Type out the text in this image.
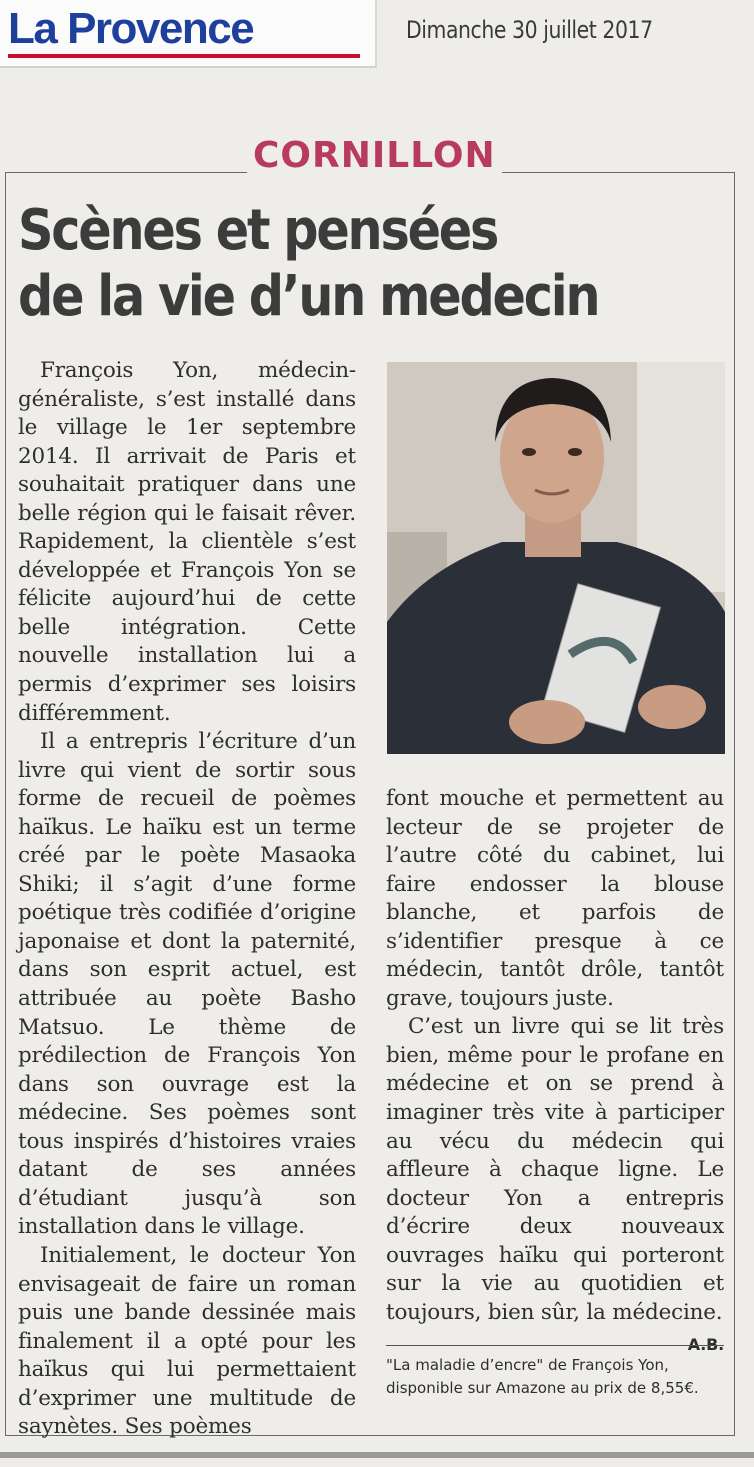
La Provence	Dimanche 30 juillet 2017
CORNILLON
Scènes et pensées
de la vie d’un medecin

François Yon, médecin-généraliste, s’est installé dans le village le 1er septembre 2014. Il arrivait de Paris et souhaitait pratiquer dans une belle région qui le faisait rêver. Rapidement, la clientèle s’est développée et François Yon se félicite aujourd’hui de cette belle intégration. Cette nouvelle installation lui a permis d’exprimer ses loisirs différemment.

Il a entrepris l’écriture d’un livre qui vient de sortir sous forme de recueil de poèmes haïkus. Le haïku est un terme créé par le poète Masaoka Shiki; il s’agit d’une forme poétique très codifiée d’origine japonaise et dont la paternité, dans son esprit actuel, est attribuée au poète Basho Matsuo. Le thème de prédilection de François Yon dans son ouvrage est la médecine. Ses poèmes sont tous inspirés d’histoires vraies datant de ses années d’étudiant jusqu’à son installation dans le village.

Initialement, le docteur Yon envisageait de faire un roman puis une bande dessinée mais finalement il a opté pour les haïkus qui lui permettaient d’exprimer une multitude de saynètes. Ses poèmes

font mouche et permettent au lecteur de se projeter de l’autre côté du cabinet, lui faire endosser la blouse blanche, et parfois de s’identifier presque à ce médecin, tantôt drôle, tantôt grave, toujours juste.

C’est un livre qui se lit très bien, même pour le profane en médecine et on se prend à imaginer très vite à participer au vécu du médecin qui affleure à chaque ligne. Le docteur Yon a entrepris d’écrire deux nouveaux ouvrages haïku qui porteront sur la vie au quotidien et toujours, bien sûr, la médecine.
A.B.

"La maladie d’encre" de François Yon, disponible sur Amazone au prix de 8,55€.
